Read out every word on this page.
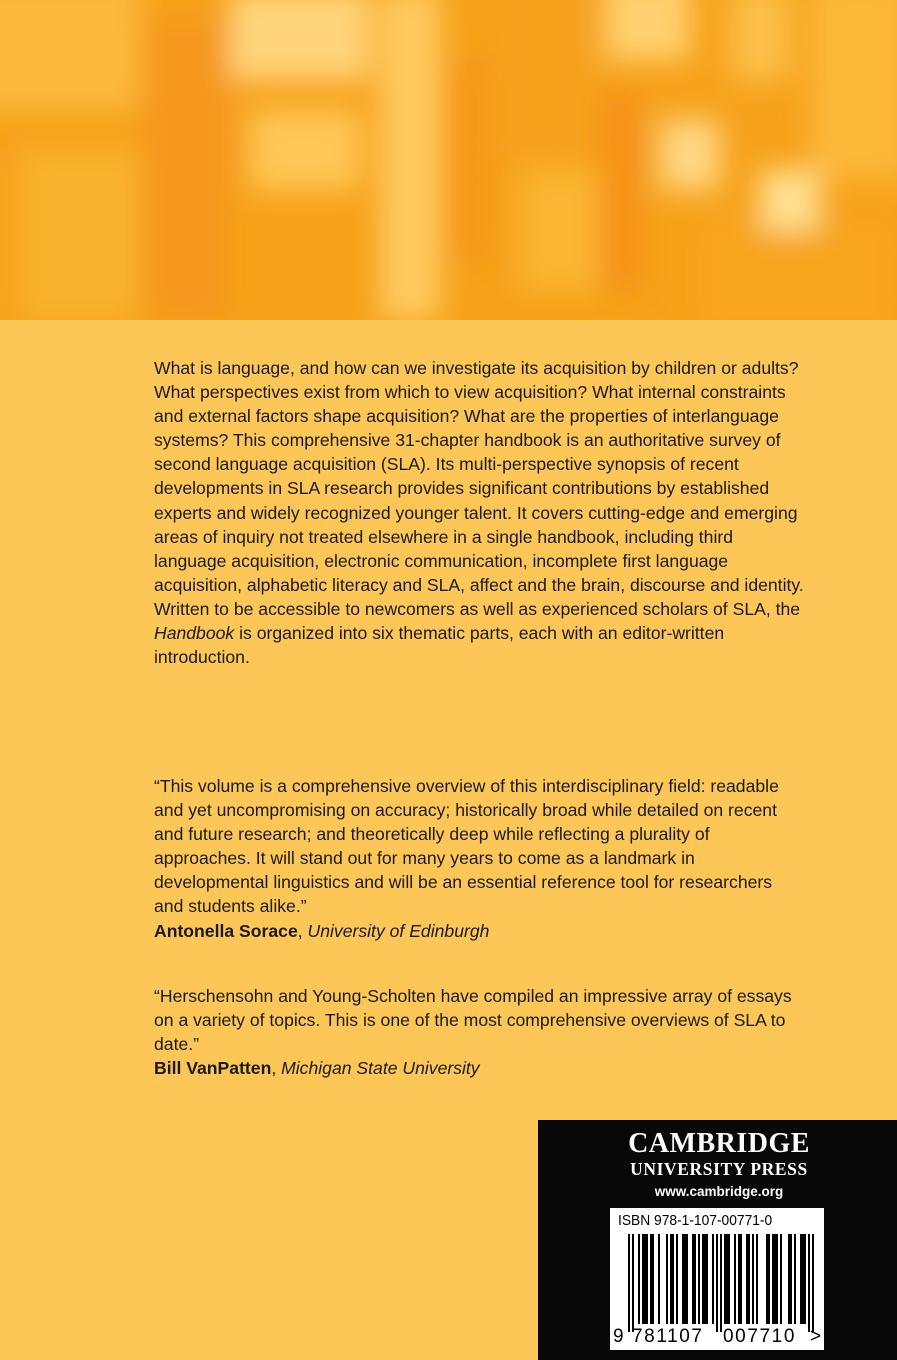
What is language, and how can we investigate its acquisition by children or adults? What perspectives exist from which to view acquisition? What internal constraints and external factors shape acquisition? What are the properties of interlanguage systems? This comprehensive 31-chapter handbook is an authoritative survey of second language acquisition (SLA). Its multi-perspective synopsis of recent developments in SLA research provides significant contributions by established experts and widely recognized younger talent. It covers cutting-edge and emerging areas of inquiry not treated elsewhere in a single handbook, including third language acquisition, electronic communication, incomplete first language acquisition, alphabetic literacy and SLA, affect and the brain, discourse and identity. Written to be accessible to newcomers as well as experienced scholars of SLA, the Handbook is organized into six thematic parts, each with an editor-written introduction.

“This volume is a comprehensive overview of this interdisciplinary field: readable and yet uncompromising on accuracy; historically broad while detailed on recent and future research; and theoretically deep while reflecting a plurality of approaches. It will stand out for many years to come as a landmark in developmental linguistics and will be an essential reference tool for researchers and students alike.”
Antonella Sorace, University of Edinburgh

“Herschensohn and Young-Scholten have compiled an impressive array of essays on a variety of topics. This is one of the most comprehensive overviews of SLA to date.”
Bill VanPatten, Michigan State University

CAMBRIDGE
UNIVERSITY PRESS
www.cambridge.org
ISBN 978-1-107-00771-0
9 781107 007710 >
